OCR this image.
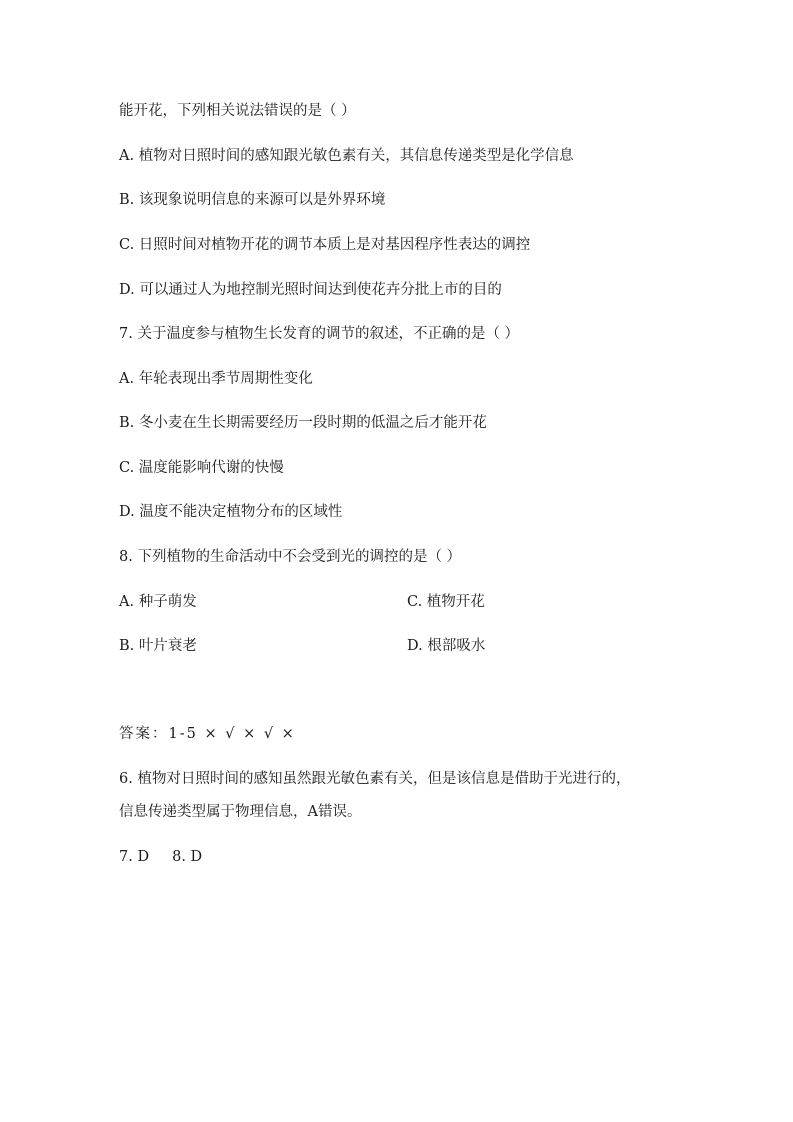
能开花，下列相关说法错误的是（ ）
A. 植物对日照时间的感知跟光敏色素有关，其信息传递类型是化学信息
B. 该现象说明信息的来源可以是外界环境
C. 日照时间对植物开花的调节本质上是对基因程序性表达的调控
D. 可以通过人为地控制光照时间达到使花卉分批上市的目的
7. 关于温度参与植物生长发育的调节的叙述，不正确的是（ ）
A. 年轮表现出季节周期性变化
B. 冬小麦在生长期需要经历一段时期的低温之后才能开花
C. 温度能影响代谢的快慢
D. 温度不能决定植物分布的区域性
8. 下列植物的生命活动中不会受到光的调控的是（ ）
A. 种子萌发	C. 植物开花
B. 叶片衰老	D. 根部吸水
答案：1-5 × √ × √ ×
6. 植物对日照时间的感知虽然跟光敏色素有关，但是该信息是借助于光进行的，
信息传递类型属于物理信息，A错误。
7. D     8. D
